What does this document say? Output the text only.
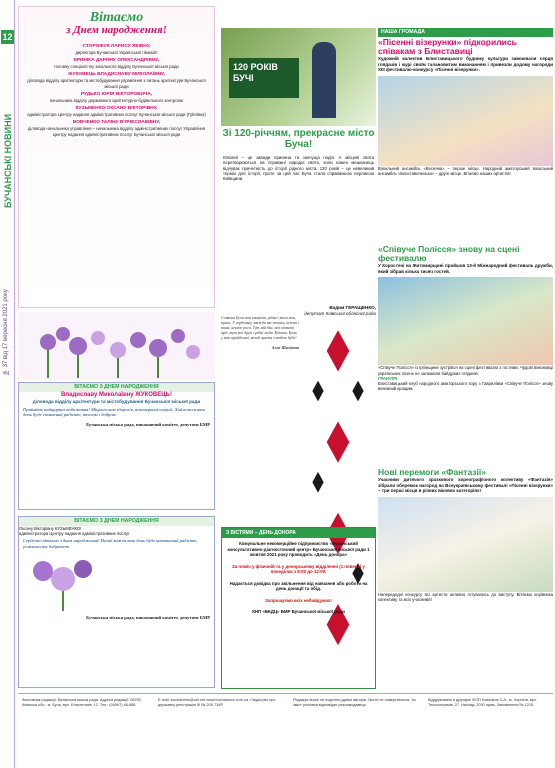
12
БУЧАНСЬКІ НОВИНИ
№ 37 від 17 вересня 2021 року
Вітаємо
з Днем народження!
СТОРОЖУК ЛАРИСУ ЯКІВНУ,
директора Бучанської Української гімназії!
КРИНІКА ДАРИНУ ОЛЕКСАНДРІВНУ,
головну спеціалістку загального відділу Бучанської міської ради
ЖУКОВЕЦЬ ВЛАДИСЛАВУ МИКОЛАЇВНУ,
діловода відділу архітектури та містобудування управління з питань архітектури Бучанської міської ради
РУДЬКО ЮРІЯ ВІКТОРОВИЧА,
начальника відділу державного архітектурно-будівельного контролю
КУЗЬМЕНКО ОКСАНУ ВІКТОРІВНУ,
адміністратора Центру надання адміністративних послуг Бучанської міської ради (Гуйлівка)
ВОВЧЕНКО ТАЛІНУ В'ЯЧЕСЛАВІВНУ,
діловода начальника управління – начальника відділу адміністративних послуг Управління Центру надання адміністративних послуг Бучанської міської ради
ВІТАЄМО З ДНЕМ НАРОДЖЕННЯ
Владиславу Миколаївну ЖУКОВЕЦЬ!
діловода відділу архітектури та містобудування Бучанської міської ради
Прийміть найщиріші побажання! Міцного вам здоров'я, невичерпної енергії. Хай кожен ваш день буде сповнений радістю, теплом і добром.
Бучанська міська рада, виконавчий комітет, депутати БМР
ВІТАЄМО З ДНЕМ НАРОДЖЕННЯ
Оксану Вікторівну КУЗЬМЕНКО!
адміністратора Центру надання адміністративних послуг
Сердечно вітаємо з днем народження! Нехай кожен ваш день буде наповнений радістю, усміхами та добротою.
Бучанська міська рада, виконавчий комітет, депутати БМР
120 РОКІВ БУЧІ
Зі 120-річчям, прекрасне місто Буча!
Ювілей – це завжди приємна та значуща подія. А місцеві свята перетворюються на справжні народні свята, коли кожен мешканець відчуває причетність до історії рідного міста. 120 років – це невеликий термін для історії, проте за цей час Буча стала справжньою перлиною Київщини.
Вадим ГЕРАЩЕНКО,
депутат Київської обласної ради
Сонячна Буча моя вишнева, рідна і мила моя, краса. У серденьку завжди ти живеш, ніжна і тиха, неначе роса. Тут мій дім, мої сповиті мрії, тут мої друзі і рідні люди. Квітни, Буча, у віки прийдешні, нехай щастя з тобою буде!
Алла Шалімова
З ВІСТЯМИ – ДЕНЬ ДОНОРА
Комунальне некомерційне підприємство «Бучанський консультативно-діагностичний центр» Бучанської міської ради 1 жовтня 2021 року проводить «День донора»
За поміч у фізичній та у донорському відділенні (1 поверх) у понеділок з 8:00 до 12:00.
Надається довідка про звільнення від навчання або роботи на день донації та обід.
Запрошуємо всіх небайдужих!
КНП «БКДЦ» БМР Бучанської міської ради
НАША ГРОМАДА
«Пісенні візерунки» підкорились співакам з Блиставиці
Художній колектив Блиставицького будинку культури завоювали серця глядачів і журі своїм талановитим виконанням і привезли додому нагороди XIII фестивалю-конкурсу «Пісенні візерунки».
Вокальний ансамбль «Весняна» – перше місце. Народний аматорський вокальний ансамбль «Блиставиченька» – друге місце. Вітаємо наших артистів!
«Співуче Полісся» знову на сцені фестивалю
У Коростені на Житомирщині пройшов 13-й Міжнародний фестиваль дружби, який зібрав кілька тисяч гостей.
«Співуче Полісся» із Ірпінщини зустрівся на сцені фестивалю з гостями. Чудові виконавці українських пісень не залишили байдужих глядачів.
ГРАН-ПРІ
Блиставицький клуб народного аматорського хору з Гаврилівки «Співуче Полісся» знову визнаний кращим.
Нові перемоги «Фантазії»
Учасники дитячого зразкового хореографічного колективу «Фантазія» зібрали оберемок нагород на Всеукраїнському фестивалі «Пісенні візерунки» – три перші місця в різних вікових категоріях!
Напередодні конкурсу всі артисти активно готувались до виступу. Вітаємо керівника колективу та всіх учасників!
Засновник редакції: Бучанська міська рада. Адреса редакції: 08292, Київська обл., м. Буча, вул. Енергетиків, 12. Тел.: (04597) 48-888.
E-mail: buchanews@ukr.net www.buchanews.com.ua. Свідоцтво про державну реєстрацію КІ № 205-734Р.
Редакція може не поділяти думки авторів. Листи не повертаються. За зміст реклами відповідає рекламодавець.
Віддруковано в друкарні ФОП Ковальов С.А., м. Чернігів, вул. Текстильників, 27. Наклад: 2030 прим. Замовлення № 1215.
